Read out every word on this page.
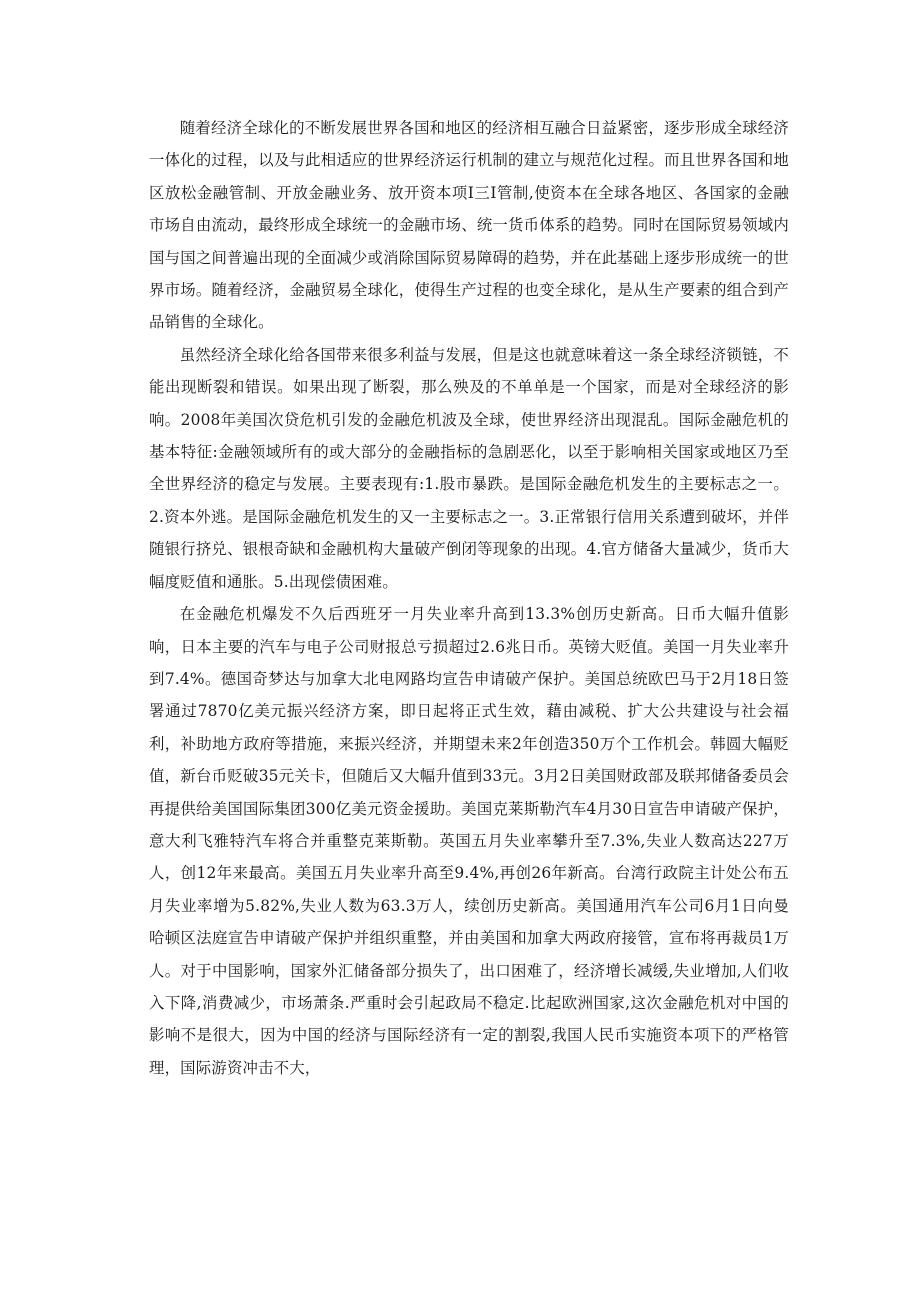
随着经济全球化的不断发展世界各国和地区的经济相互融合日益紧密，逐步形成全球经济一体化的过程，以及与此相适应的世界经济运行机制的建立与规范化过程。而且世界各国和地区放松金融管制、开放金融业务、放开资本项Ⅰ三Ⅰ管制,使资本在全球各地区、各国家的金融市场自由流动，最终形成全球统一的金融市场、统一货币体系的趋势。同时在国际贸易领域内国与国之间普遍出现的全面减少或消除国际贸易障碍的趋势，并在此基础上逐步形成统一的世界市场。随着经济，金融贸易全球化，使得生产过程的也变全球化，是从生产要素的组合到产品销售的全球化。

虽然经济全球化给各国带来很多利益与发展，但是这也就意味着这一条全球经济锁链，不能出现断裂和错误。如果出现了断裂，那么殃及的不单单是一个国家，而是对全球经济的影响。2008年美国次贷危机引发的金融危机波及全球，使世界经济出现混乱。国际金融危机的基本特征:金融领域所有的或大部分的金融指标的急剧恶化，以至于影响相关国家或地区乃至全世界经济的稳定与发展。主要表现有:1.股市暴跌。是国际金融危机发生的主要标志之一。2.资本外逃。是国际金融危机发生的又一主要标志之一。3.正常银行信用关系遭到破坏，并伴随银行挤兑、银根奇缺和金融机构大量破产倒闭等现象的出现。4.官方储备大量减少，货币大幅度贬值和通胀。5.出现偿债困难。

在金融危机爆发不久后西班牙一月失业率升高到13.3%创历史新高。日币大幅升值影响，日本主要的汽车与电子公司财报总亏损超过2.6兆日币。英镑大贬值。美国一月失业率升到7.4%。德国奇梦达与加拿大北电网路均宣告申请破产保护。美国总统欧巴马于2月18日签署通过7870亿美元振兴经济方案，即日起将正式生效，藉由减税、扩大公共建设与社会福利，补助地方政府等措施，来振兴经济，并期望未来2年创造350万个工作机会。韩圆大幅贬值，新台币贬破35元关卡，但随后又大幅升值到33元。3月2日美国财政部及联邦储备委员会再提供给美国国际集团300亿美元资金援助。美国克莱斯勒汽车4月30日宣告申请破产保护，意大利飞雅特汽车将合并重整克莱斯勒。英国五月失业率攀升至7.3%,失业人数高达227万人，创12年来最高。美国五月失业率升高至9.4%,再创26年新高。台湾行政院主计处公布五月失业率增为5.82%,失业人数为63.3万人，续创历史新高。美国通用汽车公司6月1日向曼哈顿区法庭宣告申请破产保护并组织重整，并由美国和加拿大两政府接管，宣布将再裁员1万人。对于中国影响，国家外汇储备部分损失了，出口困难了，经济增长减缓,失业增加,人们收入下降,消费减少，市场萧条.严重时会引起政局不稳定.比起欧洲国家,这次金融危机对中国的影响不是很大，因为中国的经济与国际经济有一定的割裂,我国人民币实施资本项下的严格管理，国际游资冲击不大，
